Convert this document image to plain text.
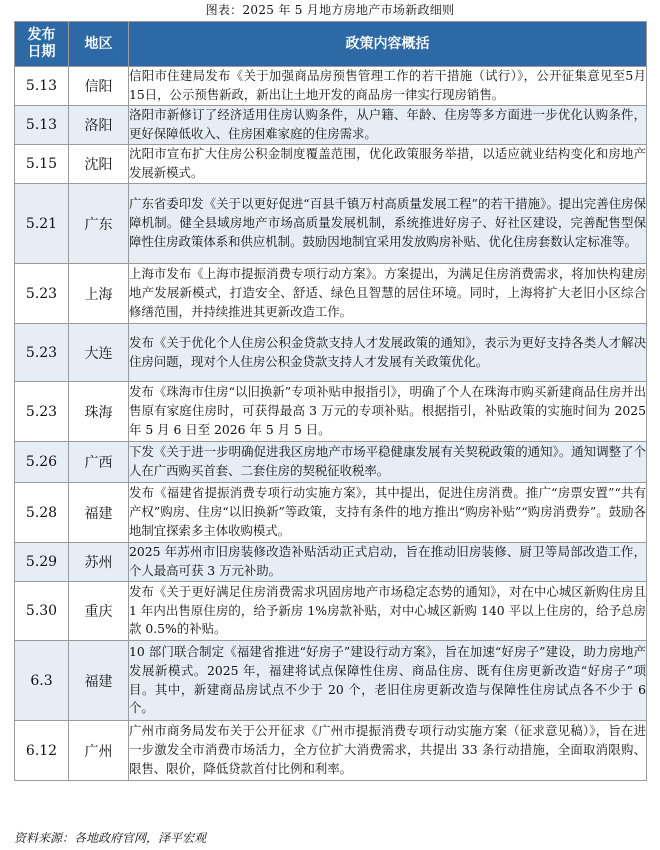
图表：2025 年 5 月地方房地产市场新政细则
发布日期	地区	政策内容概括
5.13	信阳	信阳市住建局发布《关于加强商品房预售管理工作的若干措施（试行）》，公开征集意见至5月15日，公示预售新政，新出让土地开发的商品房一律实行现房销售。
5.13	洛阳	洛阳市新修订了经济适用住房认购条件，从户籍、年龄、住房等多方面进一步优化认购条件，更好保障低收入、住房困难家庭的住房需求。
5.15	沈阳	沈阳市宣布扩大住房公积金制度覆盖范围，优化政策服务举措，以适应就业结构变化和房地产发展新模式。
5.21	广东	广东省委印发《关于以更好促进“百县千镇万村高质量发展工程”的若干措施》。提出完善住房保障机制。健全县域房地产市场高质量发展机制，系统推进好房子、好社区建设，完善配售型保障性住房政策体系和供应机制。鼓励因地制宜采用发放购房补贴、优化住房套数认定标准等。
5.23	上海	上海市发布《上海市提振消费专项行动方案》。方案提出，为满足住房消费需求，将加快构建房地产发展新模式，打造安全、舒适、绿色且智慧的居住环境。同时，上海将扩大老旧小区综合修缮范围，并持续推进其更新改造工作。
5.23	大连	发布《关于优化个人住房公积金贷款支持人才发展政策的通知》，表示为更好支持各类人才解决住房问题，现对个人住房公积金贷款支持人才发展有关政策优化。
5.23	珠海	发布《珠海市住房“以旧换新”专项补贴申报指引》，明确了个人在珠海市购买新建商品住房并出售原有家庭住房时，可获得最高 3 万元的专项补贴。根据指引，补贴政策的实施时间为 2025 年 5 月 6 日至 2026 年 5 月 5 日。
5.26	广西	下发《关于进一步明确促进我区房地产市场平稳健康发展有关契税政策的通知》。通知调整了个人在广西购买首套、二套住房的契税征收税率。
5.28	福建	发布《福建省提振消费专项行动实施方案》，其中提出，促进住房消费。推广“房票安置”“共有产权”购房、住房“以旧换新”等政策，支持有条件的地方推出“购房补贴”“购房消费券”。鼓励各地制宜探索多主体收购模式。
5.29	苏州	2025 年苏州市旧房装修改造补贴活动正式启动，旨在推动旧房装修、厨卫等局部改造工作，个人最高可获 3 万元补助。
5.30	重庆	发布《关于更好满足住房消费需求巩固房地产市场稳定态势的通知》，对在中心城区新购住房且 1 年内出售原住房的，给予新房 1%房款补贴，对中心城区新购 140 平以上住房的，给予总房款 0.5%的补贴。
6.3	福建	10 部门联合制定《福建省推进“好房子”建设行动方案》，旨在加速“好房子”建设，助力房地产发展新模式。2025 年，福建将试点保障性住房、商品住房、既有住房更新改造“好房子”项目。其中，新建商品房试点不少于 20 个，老旧住房更新改造与保障性住房试点各不少于 6 个。
6.12	广州	广州市商务局发布关于公开征求《广州市提振消费专项行动实施方案（征求意见稿）》，旨在进一步激发全市消费市场活力，全方位扩大消费需求，共提出 33 条行动措施，全面取消限购、限售、限价，降低贷款首付比例和利率。
资料来源：各地政府官网，泽平宏观
